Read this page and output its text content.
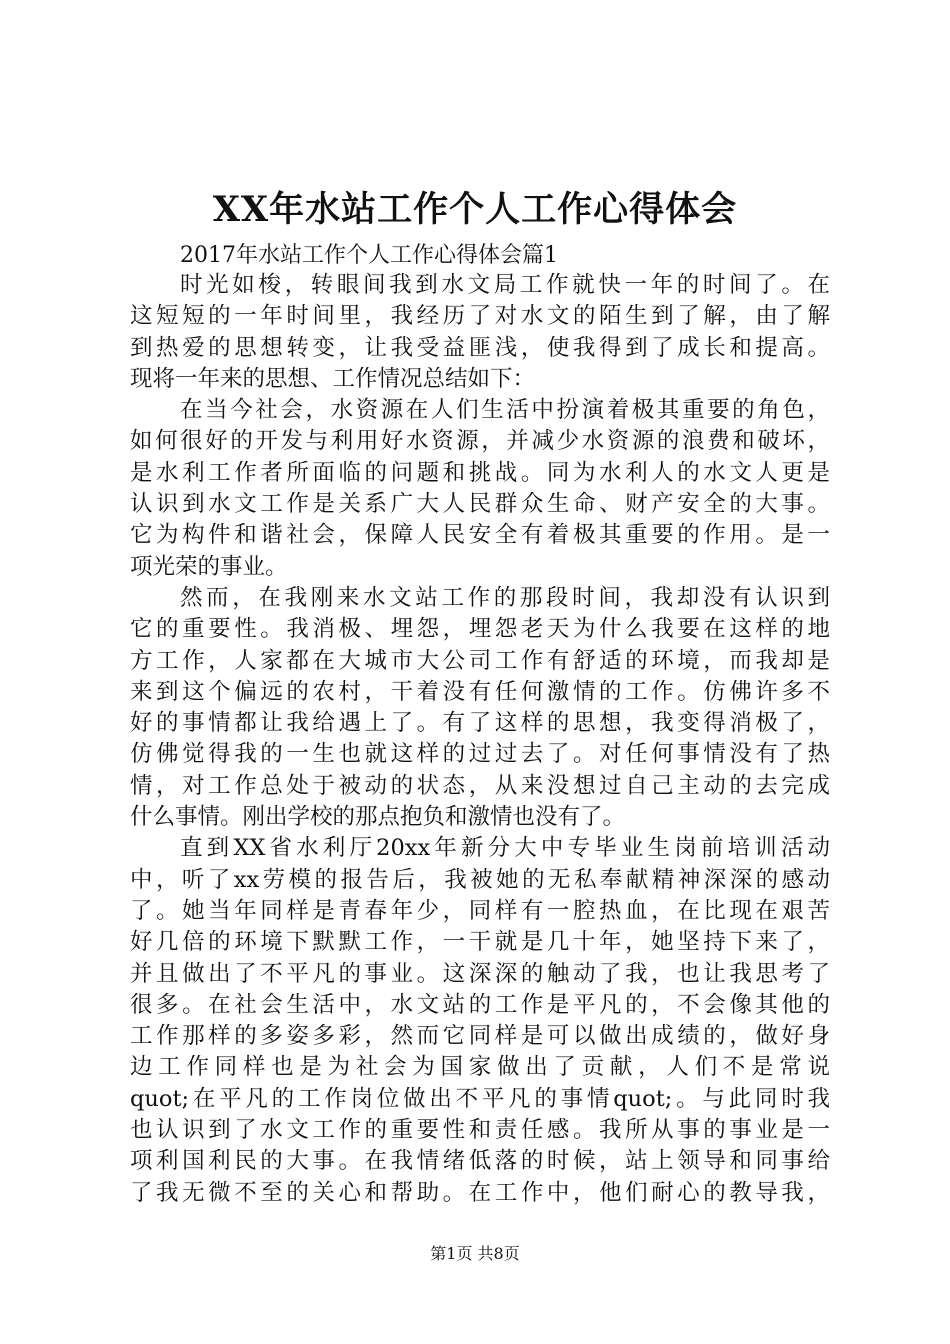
XX年水站工作个人工作心得体会
2017年水站工作个人工作心得体会篇1
时光如梭，转眼间我到水文局工作就快一年的时间了。在
这短短的一年时间里，我经历了对水文的陌生到了解，由了解
到热爱的思想转变，让我受益匪浅，使我得到了成长和提高。
现将一年来的思想、工作情况总结如下：
在当今社会，水资源在人们生活中扮演着极其重要的角色，
如何很好的开发与利用好水资源，并减少水资源的浪费和破坏，
是水利工作者所面临的问题和挑战。同为水利人的水文人更是
认识到水文工作是关系广大人民群众生命、财产安全的大事。
它为构件和谐社会，保障人民安全有着极其重要的作用。是一
项光荣的事业。
然而，在我刚来水文站工作的那段时间，我却没有认识到
它的重要性。我消极、埋怨，埋怨老天为什么我要在这样的地
方工作，人家都在大城市大公司工作有舒适的环境，而我却是
来到这个偏远的农村，干着没有任何激情的工作。仿佛许多不
好的事情都让我给遇上了。有了这样的思想，我变得消极了，
仿佛觉得我的一生也就这样的过过去了。对任何事情没有了热
情，对工作总处于被动的状态，从来没想过自己主动的去完成
什么事情。刚出学校的那点抱负和激情也没有了。
直到XX省水利厅20xx年新分大中专毕业生岗前培训活动
中，听了xx劳模的报告后，我被她的无私奉献精神深深的感动
了。她当年同样是青春年少，同样有一腔热血，在比现在艰苦
好几倍的环境下默默工作，一干就是几十年，她坚持下来了，
并且做出了不平凡的事业。这深深的触动了我，也让我思考了
很多。在社会生活中，水文站的工作是平凡的，不会像其他的
工作那样的多姿多彩，然而它同样是可以做出成绩的，做好身
边工作同样也是为社会为国家做出了贡献，人们不是常说
quot;在平凡的工作岗位做出不平凡的事情quot;。与此同时我
也认识到了水文工作的重要性和责任感。我所从事的事业是一
项利国利民的大事。在我情绪低落的时候，站上领导和同事给
了我无微不至的关心和帮助。在工作中，他们耐心的教导我，
第1页 共8页
